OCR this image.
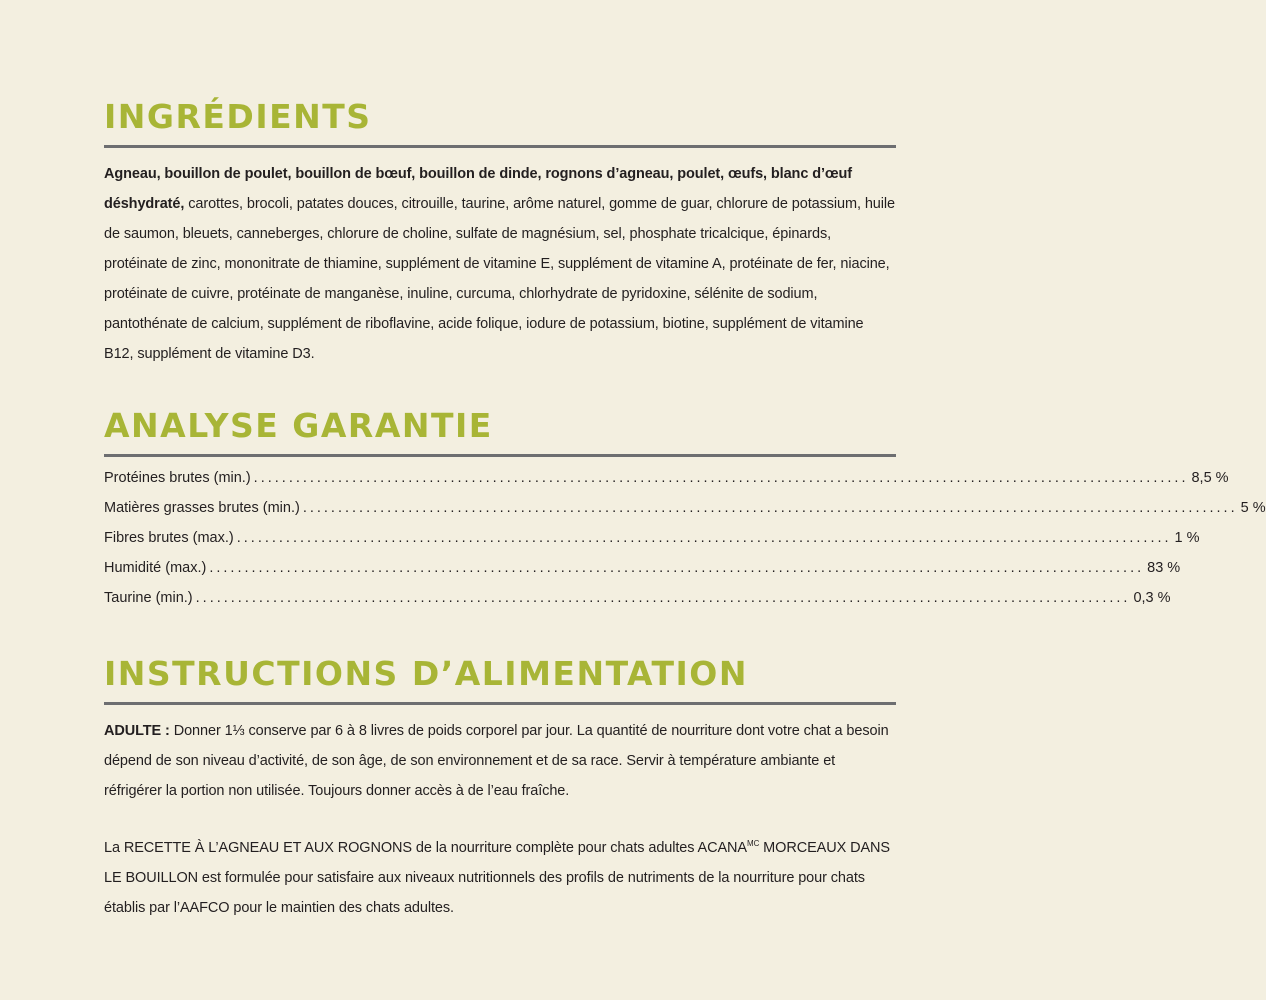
INGRÉDIENTS

Agneau, bouillon de poulet, bouillon de bœuf, bouillon de dinde, rognons d’agneau, poulet, œufs, blanc d’œuf déshydraté, carottes, brocoli, patates douces, citrouille, taurine, arôme naturel, gomme de guar, chlorure de potassium, huile de saumon, bleuets, canneberges, chlorure de choline, sulfate de magnésium, sel, phosphate tricalcique, épinards, protéinate de zinc, mononitrate de thiamine, supplément de vitamine E, supplément de vitamine A, protéinate de fer, niacine, protéinate de cuivre, protéinate de manganèse, inuline, curcuma, chlorhydrate de pyridoxine, sélénite de sodium, pantothénate de calcium, supplément de riboflavine, acide folique, iodure de potassium, biotine, supplément de vitamine B12, supplément de vitamine D3.

ANALYSE GARANTIE
Protéines brutes (min.) ..................................................................................................................................... 8,5 %
Matières grasses brutes (min.) ..................................................................................................................................... 5 %
Fibres brutes (max.) ..................................................................................................................................... 1 %
Humidité (max.) ..................................................................................................................................... 83 %
Taurine (min.) ..................................................................................................................................... 0,3 %
INSTRUCTIONS D’ALIMENTATION

ADULTE : Donner 1⅓ conserve par 6 à 8 livres de poids corporel par jour. La quantité de nourriture dont votre chat a besoin dépend de son niveau d’activité, de son âge, de son environnement et de sa race. Servir à température ambiante et réfrigérer la portion non utilisée. Toujours donner accès à de l’eau fraîche.

La RECETTE À L’AGNEAU ET AUX ROGNONS de la nourriture complète pour chats adultes $ACANA^{MC}$ MORCEAUX DANS LE BOUILLON est formulée pour satisfaire aux niveaux nutritionnels des profils de nutriments de la nourriture pour chats établis par l’AAFCO pour le maintien des chats adultes.
